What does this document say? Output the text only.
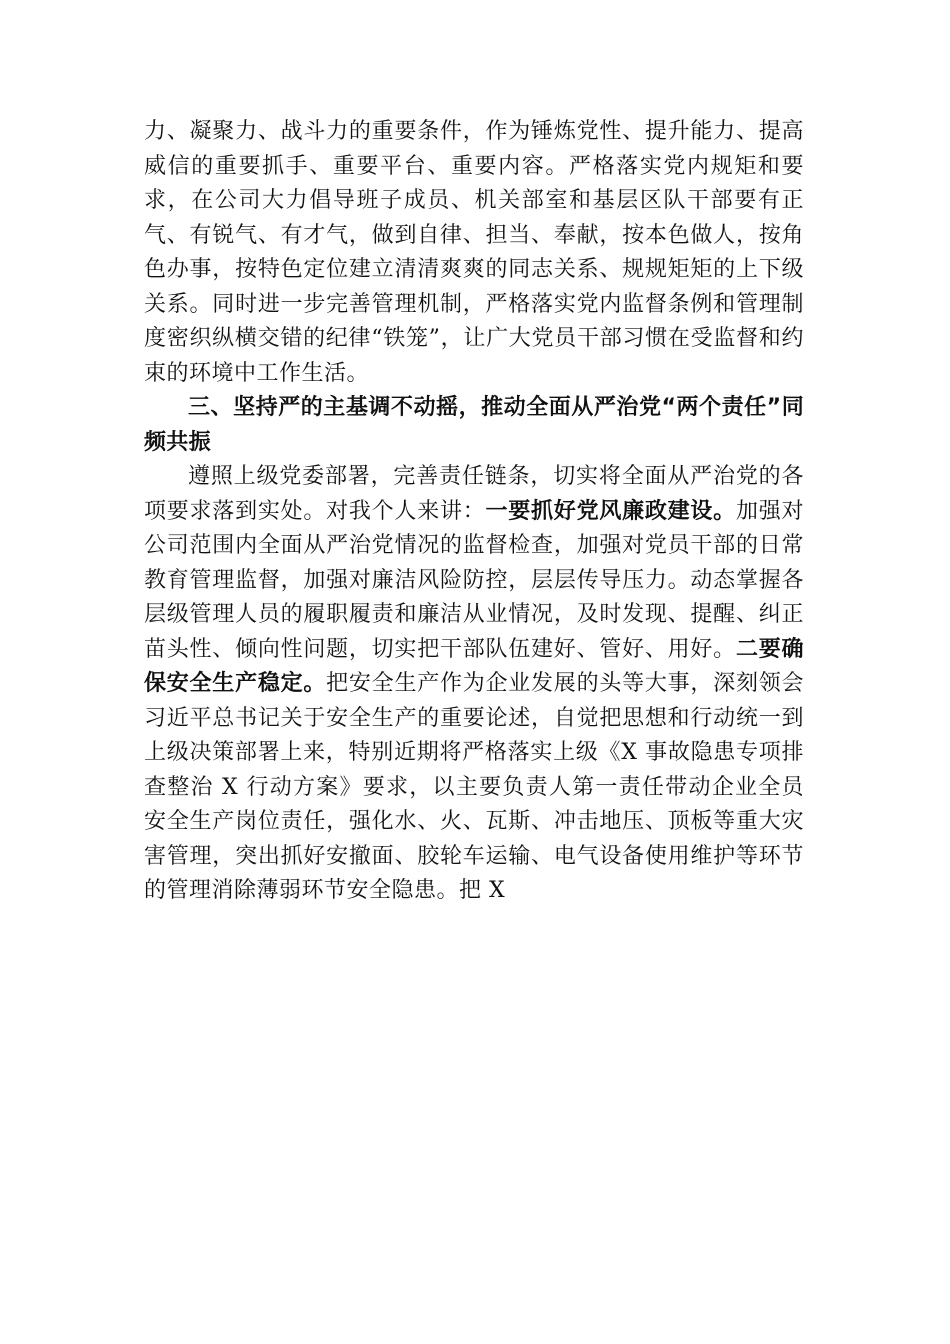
力、凝聚力、战斗力的重要条件，作为锤炼党性、提升能力、提高威信的重要抓手、重要平台、重要内容。严格落实党内规矩和要求，在公司大力倡导班子成员、机关部室和基层区队干部要有正气、有锐气、有才气，做到自律、担当、奉献，按本色做人，按角色办事，按特色定位建立清清爽爽的同志关系、规规矩矩的上下级关系。同时进一步完善管理机制，严格落实党内监督条例和管理制度密织纵横交错的纪律“铁笼”，让广大党员干部习惯在受监督和约束的环境中工作生活。

三、坚持严的主基调不动摇，推动全面从严治党“两个责任”同频共振

遵照上级党委部署，完善责任链条，切实将全面从严治党的各项要求落到实处。对我个人来讲：一要抓好党风廉政建设。加强对公司范围内全面从严治党情况的监督检查，加强对党员干部的日常教育管理监督，加强对廉洁风险防控，层层传导压力。动态掌握各层级管理人员的履职履责和廉洁从业情况，及时发现、提醒、纠正苗头性、倾向性问题，切实把干部队伍建好、管好、用好。二要确保安全生产稳定。把安全生产作为企业发展的头等大事，深刻领会习近平总书记关于安全生产的重要论述，自觉把思想和行动统一到上级决策部署上来，特别近期将严格落实上级《X 事故隐患专项排查整治 X 行动方案》要求，以主要负责人第一责任带动企业全员安全生产岗位责任，强化水、火、瓦斯、冲击地压、顶板等重大灾害管理，突出抓好安撤面、胶轮车运输、电气设备使用维护等环节的管理消除薄弱环节安全隐患。把 X
